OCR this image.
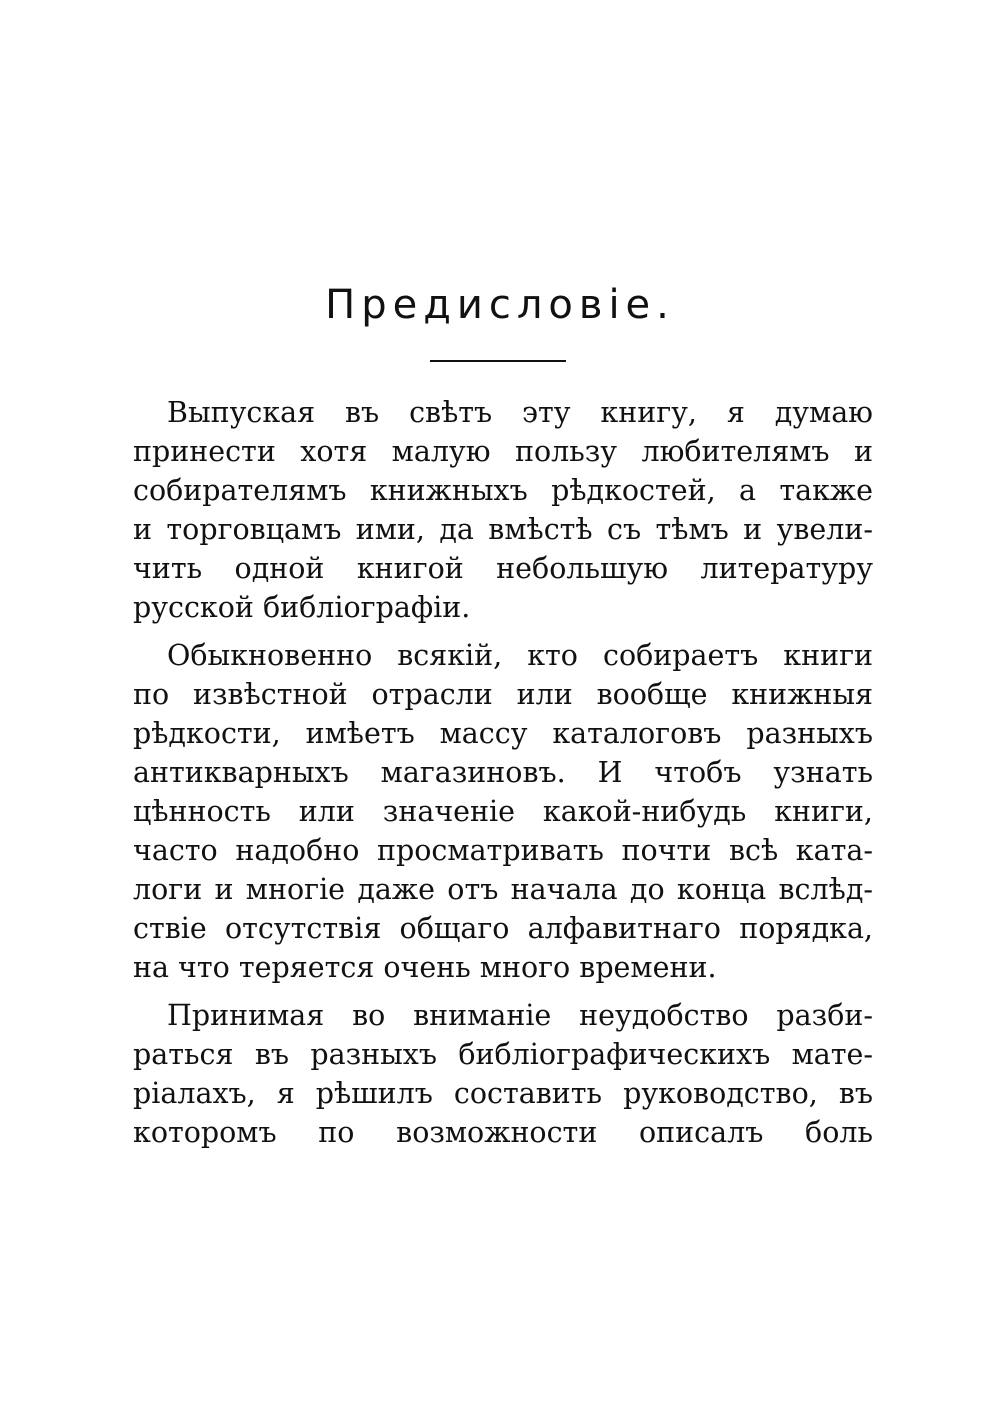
Предисловіе.
Выпуская въ свѣтъ эту книгу, я думаю
принести хотя малую пользу любителямъ и
собирателямъ книжныхъ рѣдкостей, а также
и торговцамъ ими, да вмѣстѣ съ тѣмъ и увели-
чить одной книгой небольшую литературу
русской библіографіи.
Обыкновенно всякій, кто собираетъ книги
по извѣстной отрасли или вообще книжныя
рѣдкости, имѣетъ массу каталоговъ разныхъ
антикварныхъ магазиновъ. И чтобъ узнать
цѣнность или значеніе какой-нибудь книги,
часто надобно просматривать почти всѣ ката-
логи и многіе даже отъ начала до конца вслѣд-
ствіе отсутствія общаго алфавитнаго порядка,
на что теряется очень много времени.
Принимая во вниманіе неудобство разби-
раться въ разныхъ библіографическихъ мате-
ріалахъ, я рѣшилъ составить руководство, въ
которомъ по возможности описалъ боль
